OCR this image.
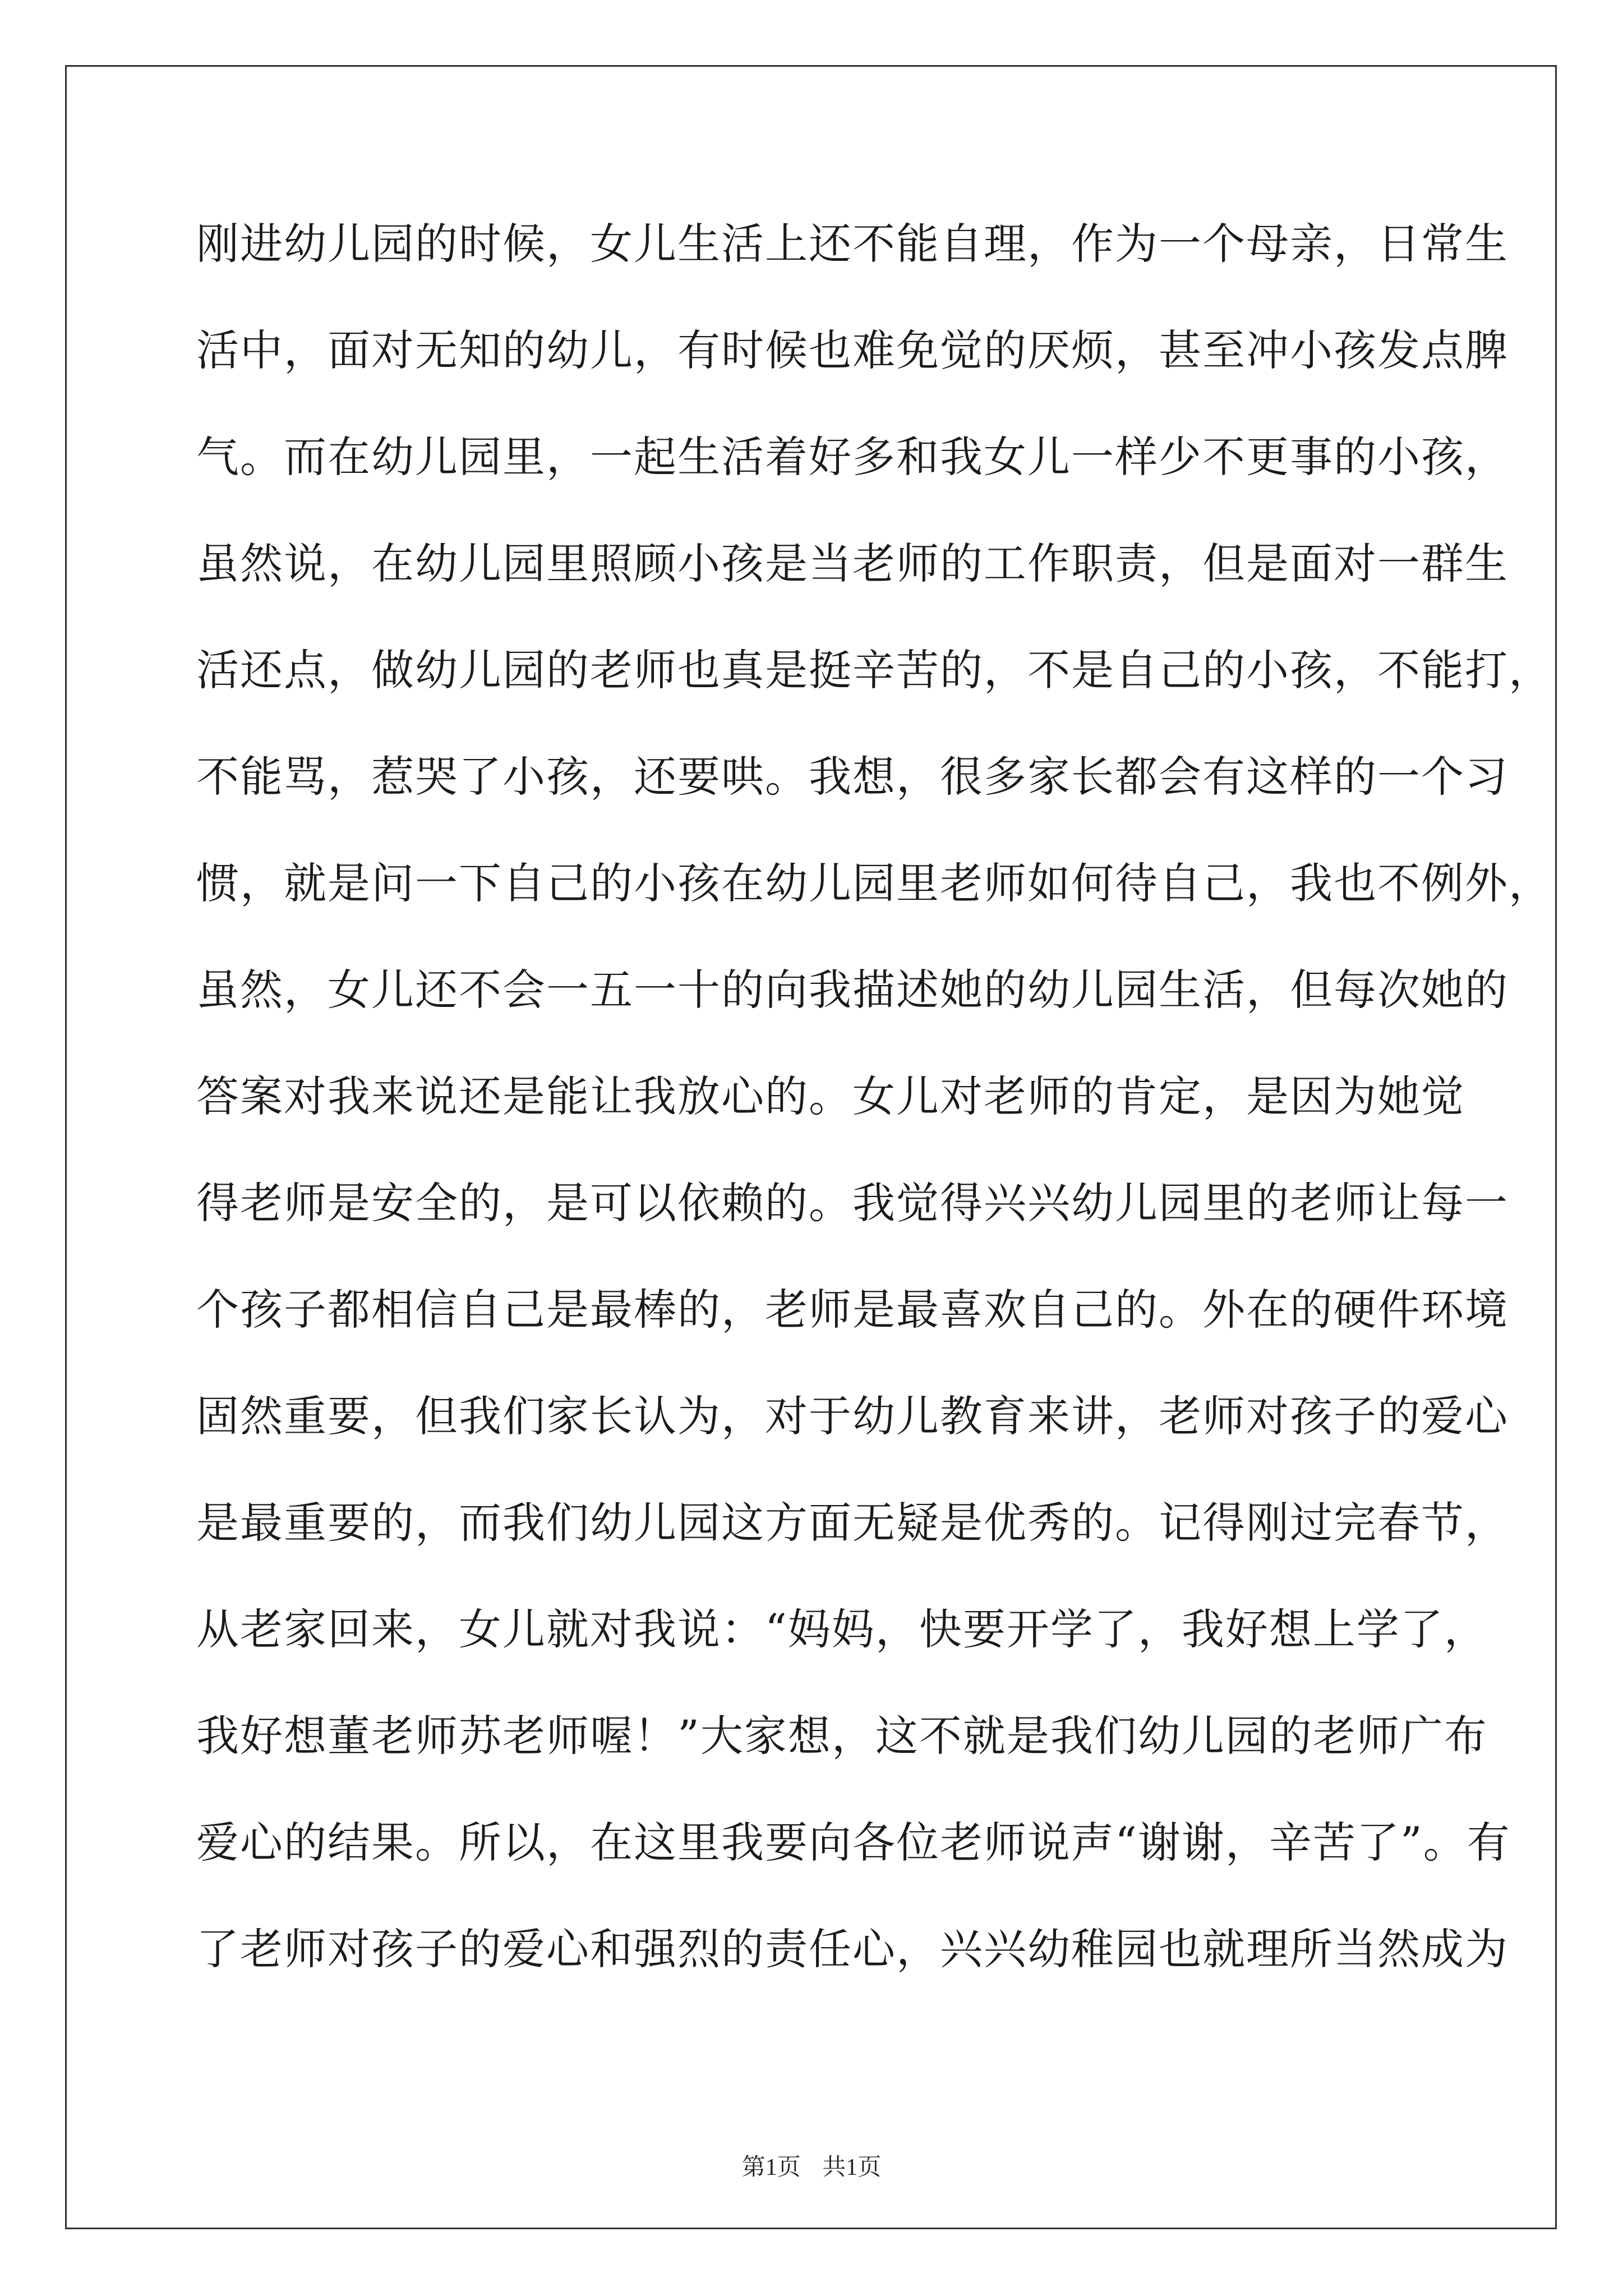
刚进幼儿园的时候，女儿生活上还不能自理，作为一个母亲，日常生
活中，面对无知的幼儿，有时候也难免觉的厌烦，甚至冲小孩发点脾
气。而在幼儿园里，一起生活着好多和我女儿一样少不更事的小孩，
虽然说，在幼儿园里照顾小孩是当老师的工作职责，但是面对一群生
活还点，做幼儿园的老师也真是挺辛苦的，不是自己的小孩，不能打，
不能骂，惹哭了小孩，还要哄。我想，很多家长都会有这样的一个习
惯，就是问一下自己的小孩在幼儿园里老师如何待自己，我也不例外，
虽然，女儿还不会一五一十的向我描述她的幼儿园生活，但每次她的
答案对我来说还是能让我放心的。女儿对老师的肯定，是因为她觉
得老师是安全的，是可以依赖的。我觉得兴兴幼儿园里的老师让每一
个孩子都相信自己是最棒的，老师是最喜欢自己的。外在的硬件环境
固然重要，但我们家长认为，对于幼儿教育来讲，老师对孩子的爱心
是最重要的，而我们幼儿园这方面无疑是优秀的。记得刚过完春节，
从老家回来，女儿就对我说：“妈妈，快要开学了，我好想上学了，
我好想董老师苏老师喔！”大家想，这不就是我们幼儿园的老师广布
爱心的结果。所以，在这里我要向各位老师说声“谢谢，辛苦了”。有
了老师对孩子的爱心和强烈的责任心，兴兴幼稚园也就理所当然成为
第1页 共1页
